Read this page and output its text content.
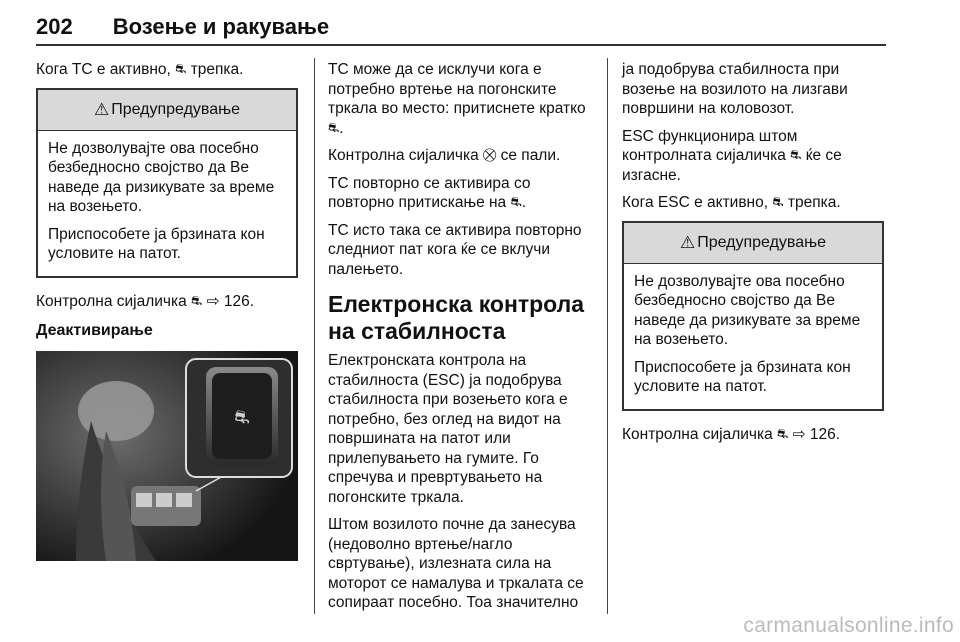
202 Возење и ракување

Кога TC е активно, ⛐ трепка.

⚠ Предупредување

Не дозволувајте ова посебно безбедносно својство да Ве наведе да ризикувате за време на возењето.

Приспособете ја брзината кон условите на патот.

Контролна сијаличка ⛐ ⇨ 126.

Деактивирање
⛐

TC може да се исклучи кога е потребно вртење на погонските тркала во место: притиснете кратко ⛐.

Контролна сијаличка ⛒ се пали.

TC повторно се активира со повторно притискање на ⛐.

TC исто така се активира повторно следниот пат кога ќе се вклучи палењето.

Електронска контрола на стабилноста

Електронската контрола на стабилноста (ESC) ја подобрува стабилноста при возењето кога е потребно, без оглед на видот на површината на патот или прилепувањето на гумите. Го спречува и превртувањето на погонските тркала.

Штом возилото почне да занесува (недоволно вртење/нагло свртување), излезната сила на моторот се намалува и тркалата се сопираат посебно. Тоа значително

ја подобрува стабилноста при возење на возилото на лизгави површини на коловозот.

ESC функционира штом контролната сијаличка ⛐ ќе се изгасне.

Кога ESC е активно, ⛐ трепка.

⚠ Предупредување

Не дозволувајте ова посебно безбедносно својство да Ве наведе да ризикувате за време на возењето.

Приспособете ја брзината кон условите на патот.

Контролна сијаличка ⛐ ⇨ 126.

carmanualsonline.info
